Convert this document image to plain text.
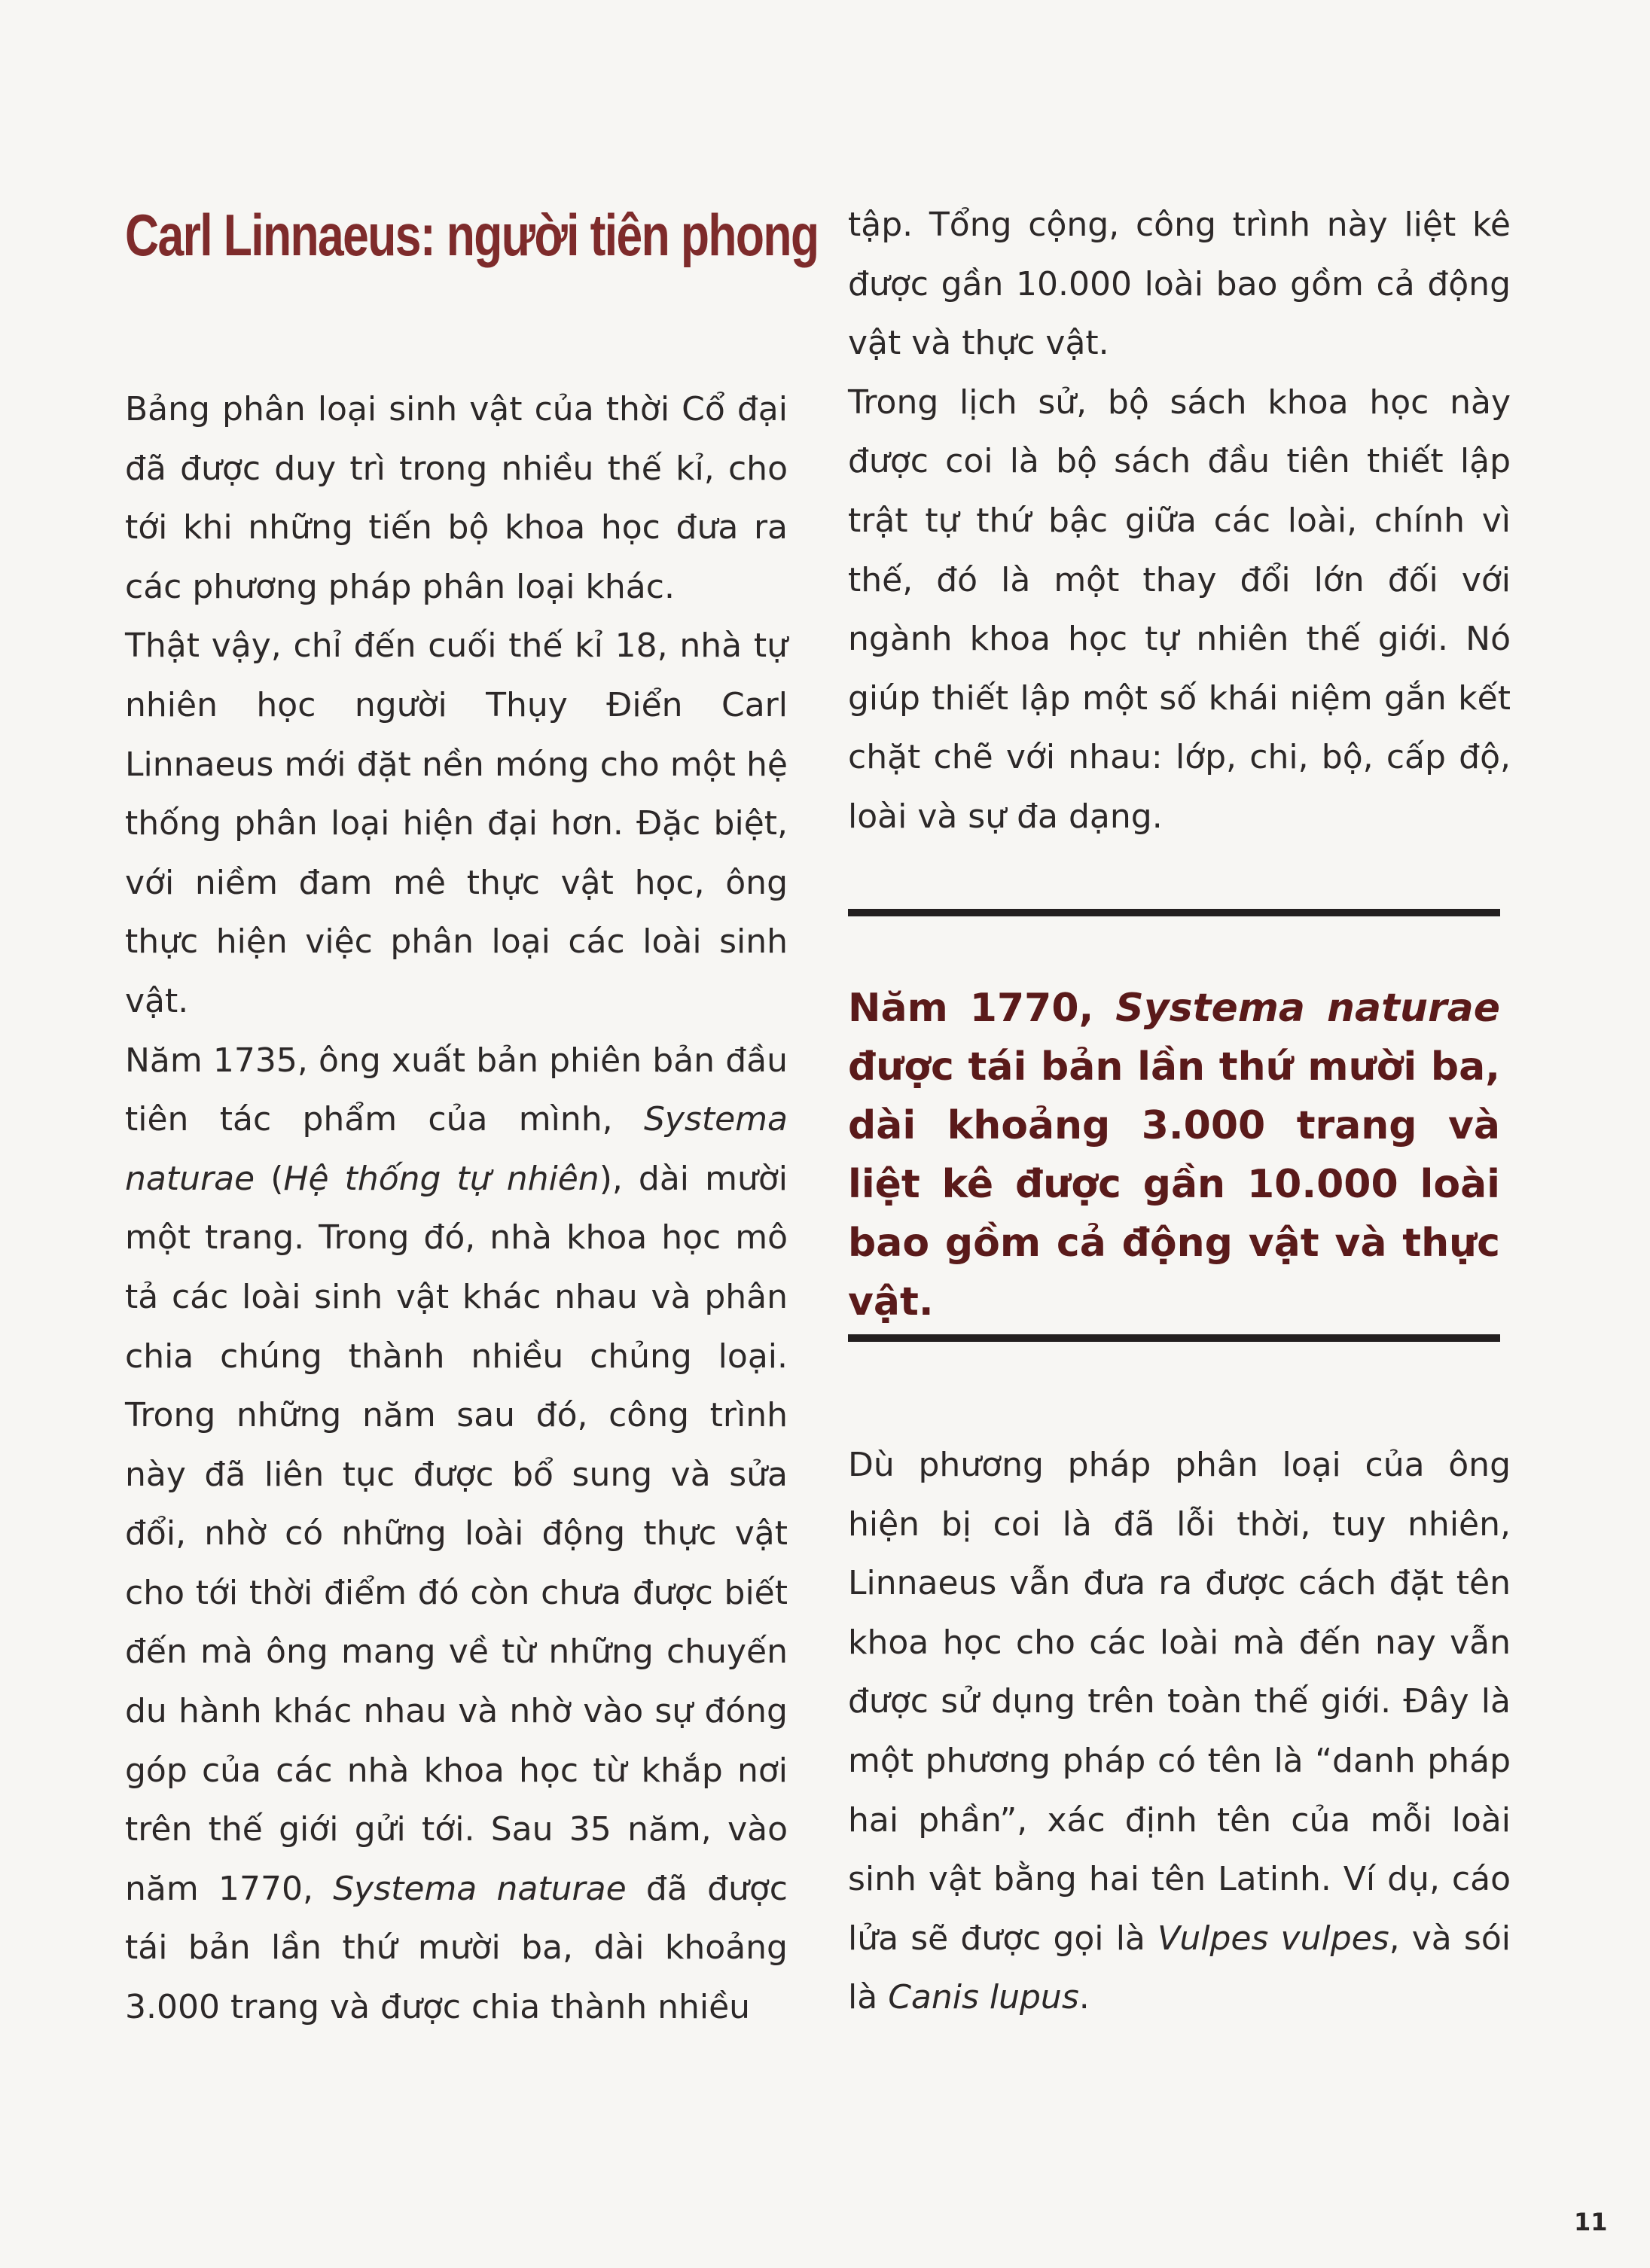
Carl Linnaeus: người tiên phong

Bảng phân loại sinh vật của thời Cổ đại đã được duy trì trong nhiều thế kỉ, cho tới khi những tiến bộ khoa học đưa ra các phương pháp phân loại khác.

Thật vậy, chỉ đến cuối thế kỉ 18, nhà tự nhiên học người Thụy Điển Carl Linnaeus mới đặt nền móng cho một hệ thống phân loại hiện đại hơn. Đặc biệt, với niềm đam mê thực vật học, ông thực hiện việc phân loại các loài sinh vật.

Năm 1735, ông xuất bản phiên bản đầu tiên tác phẩm của mình, Systema naturae (Hệ thống tự nhiên), dài mười một trang. Trong đó, nhà khoa học mô tả các loài sinh vật khác nhau và phân chia chúng thành nhiều chủng loại. Trong những năm sau đó, công trình này đã liên tục được bổ sung và sửa đổi, nhờ có những loài động thực vật cho tới thời điểm đó còn chưa được biết đến mà ông mang về từ những chuyến du hành khác nhau và nhờ vào sự đóng góp của các nhà khoa học từ khắp nơi trên thế giới gửi tới. Sau 35 năm, vào năm 1770, Systema naturae đã được tái bản lần thứ mười ba, dài khoảng 3.000 trang và được chia thành nhiều

tập. Tổng cộng, công trình này liệt kê được gần 10.000 loài bao gồm cả động vật và thực vật.

Trong lịch sử, bộ sách khoa học này được coi là bộ sách đầu tiên thiết lập trật tự thứ bậc giữa các loài, chính vì thế, đó là một thay đổi lớn đối với ngành khoa học tự nhiên thế giới. Nó giúp thiết lập một số khái niệm gắn kết chặt chẽ với nhau: lớp, chi, bộ, cấp độ, loài và sự đa dạng.

Năm 1770, Systema naturae được tái bản lần thứ mười ba, dài khoảng 3.000 trang và liệt kê được gần 10.000 loài bao gồm cả động vật và thực vật.

Dù phương pháp phân loại của ông hiện bị coi là đã lỗi thời, tuy nhiên, Linnaeus vẫn đưa ra được cách đặt tên khoa học cho các loài mà đến nay vẫn được sử dụng trên toàn thế giới. Đây là một phương pháp có tên là “danh pháp hai phần”, xác định tên của mỗi loài sinh vật bằng hai tên Latinh. Ví dụ, cáo lửa sẽ được gọi là Vulpes vulpes, và sói là Canis lupus.

11
